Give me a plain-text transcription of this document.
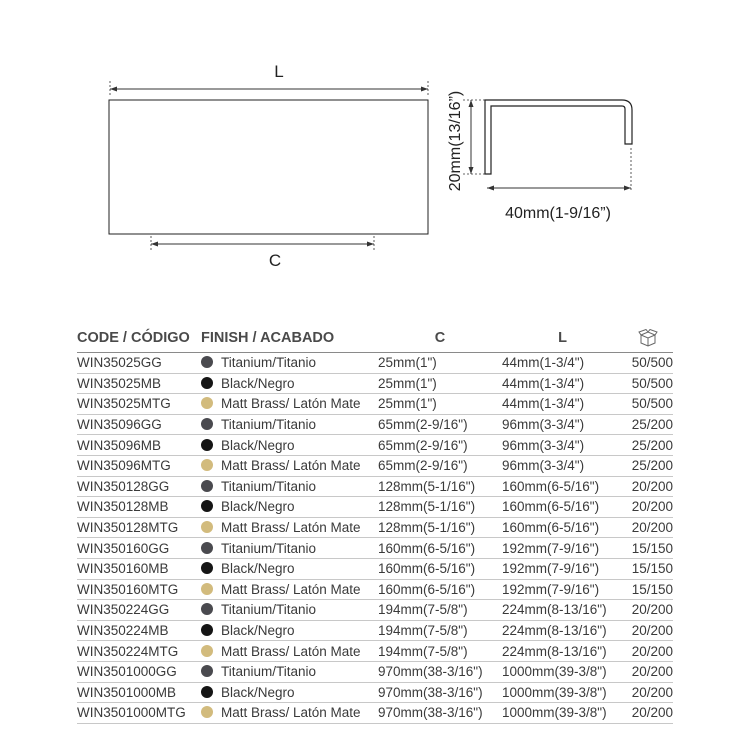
L
C
20mm(13/16”)
40mm(1-9/16”)
CODE / CÓDIGO	FINISH / ACABADO	C	L	

WIN35025GG	Titanium/Titanio	25mm(1")	44mm(1-3/4")	50/500
WIN35025MB	Black/Negro	25mm(1")	44mm(1-3/4")	50/500
WIN35025MTG	Matt Brass/ Latón Mate	25mm(1")	44mm(1-3/4")	50/500
WIN35096GG	Titanium/Titanio	65mm(2-9/16")	96mm(3-3/4")	25/200
WIN35096MB	Black/Negro	65mm(2-9/16")	96mm(3-3/4")	25/200
WIN35096MTG	Matt Brass/ Latón Mate	65mm(2-9/16")	96mm(3-3/4")	25/200
WIN350128GG	Titanium/Titanio	128mm(5-1/16")	160mm(6-5/16")	20/200
WIN350128MB	Black/Negro	128mm(5-1/16")	160mm(6-5/16")	20/200
WIN350128MTG	Matt Brass/ Latón Mate	128mm(5-1/16")	160mm(6-5/16")	20/200
WIN350160GG	Titanium/Titanio	160mm(6-5/16")	192mm(7-9/16")	15/150
WIN350160MB	Black/Negro	160mm(6-5/16")	192mm(7-9/16")	15/150
WIN350160MTG	Matt Brass/ Latón Mate	160mm(6-5/16")	192mm(7-9/16")	15/150
WIN350224GG	Titanium/Titanio	194mm(7-5/8")	224mm(8-13/16")	20/200
WIN350224MB	Black/Negro	194mm(7-5/8")	224mm(8-13/16")	20/200
WIN350224MTG	Matt Brass/ Latón Mate	194mm(7-5/8")	224mm(8-13/16")	20/200
WIN3501000GG	Titanium/Titanio	970mm(38-3/16")	1000mm(39-3/8")	20/200
WIN3501000MB	Black/Negro	970mm(38-3/16")	1000mm(39-3/8")	20/200
WIN3501000MTG	Matt Brass/ Latón Mate	970mm(38-3/16")	1000mm(39-3/8")	20/200
